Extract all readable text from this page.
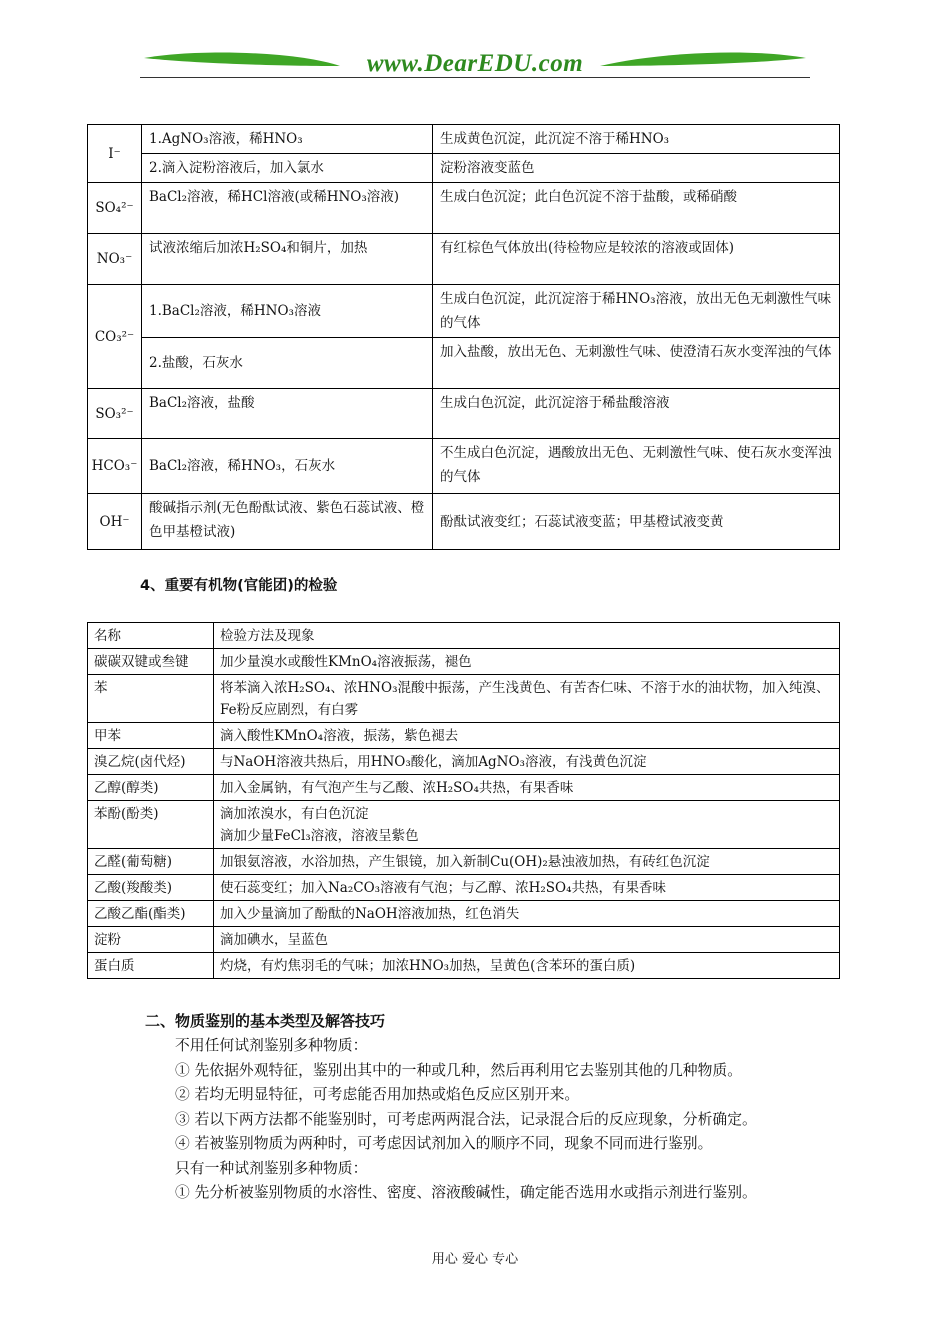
www.DearEDU.com
I⁻	1.AgNO₃溶液，稀HNO₃	生成黄色沉淀，此沉淀不溶于稀HNO₃
	2.滴入淀粉溶液后，加入氯水	淀粉溶液变蓝色
SO₄²⁻	BaCl₂溶液，稀HCl溶液(或稀HNO₃溶液)	生成白色沉淀；此白色沉淀不溶于盐酸，或稀硝酸
NO₃⁻	试液浓缩后加浓H₂SO₄和铜片，加热	有红棕色气体放出(待检物应是较浓的溶液或固体)
CO₃²⁻	1.BaCl₂溶液，稀HNO₃溶液	生成白色沉淀，此沉淀溶于稀HNO₃溶液，放出无色无刺激性气味的气体
	2.盐酸，石灰水	加入盐酸，放出无色、无刺激性气味、使澄清石灰水变浑浊的气体
SO₃²⁻	BaCl₂溶液，盐酸	生成白色沉淀，此沉淀溶于稀盐酸溶液
HCO₃⁻	BaCl₂溶液，稀HNO₃，石灰水	不生成白色沉淀，遇酸放出无色、无刺激性气味、使石灰水变浑浊的气体
OH⁻	酸碱指示剂(无色酚酞试液、紫色石蕊试液、橙色甲基橙试液)	酚酞试液变红；石蕊试液变蓝；甲基橙试液变黄
4、重要有机物(官能团)的检验
名称	检验方法及现象
碳碳双键或叁键	加少量溴水或酸性KMnO₄溶液振荡，褪色
苯	将苯滴入浓H₂SO₄、浓HNO₃混酸中振荡，产生浅黄色、有苦杏仁味、不溶于水的油状物，加入纯溴、Fe粉反应剧烈，有白雾
甲苯	滴入酸性KMnO₄溶液，振荡，紫色褪去
溴乙烷(卤代烃)	与NaOH溶液共热后，用HNO₃酸化，滴加AgNO₃溶液，有浅黄色沉淀
乙醇(醇类)	加入金属钠，有气泡产生与乙酸、浓H₂SO₄共热，有果香味
苯酚(酚类)	滴加浓溴水，有白色沉淀
滴加少量FeCl₃溶液，溶液呈紫色

乙醛(葡萄糖)	加银氨溶液，水浴加热，产生银镜，加入新制Cu(OH)₂悬浊液加热，有砖红色沉淀
乙酸(羧酸类)	使石蕊变红；加入Na₂CO₃溶液有气泡；与乙醇、浓H₂SO₄共热，有果香味
乙酸乙酯(酯类)	加入少量滴加了酚酞的NaOH溶液加热，红色消失
淀粉	滴加碘水，呈蓝色
蛋白质	灼烧，有灼焦羽毛的气味；加浓HNO₃加热，呈黄色(含苯环的蛋白质)
二、物质鉴别的基本类型及解答技巧
不用任何试剂鉴别多种物质：
① 先依据外观特征，鉴别出其中的一种或几种，然后再利用它去鉴别其他的几种物质。
② 若均无明显特征，可考虑能否用加热或焰色反应区别开来。
③ 若以下两方法都不能鉴别时，可考虑两两混合法，记录混合后的反应现象，分析确定。
④ 若被鉴别物质为两种时，可考虑因试剂加入的顺序不同，现象不同而进行鉴别。
只有一种试剂鉴别多种物质：
① 先分析被鉴别物质的水溶性、密度、溶液酸碱性，确定能否选用水或指示剂进行鉴别。
用心 爱心 专心
